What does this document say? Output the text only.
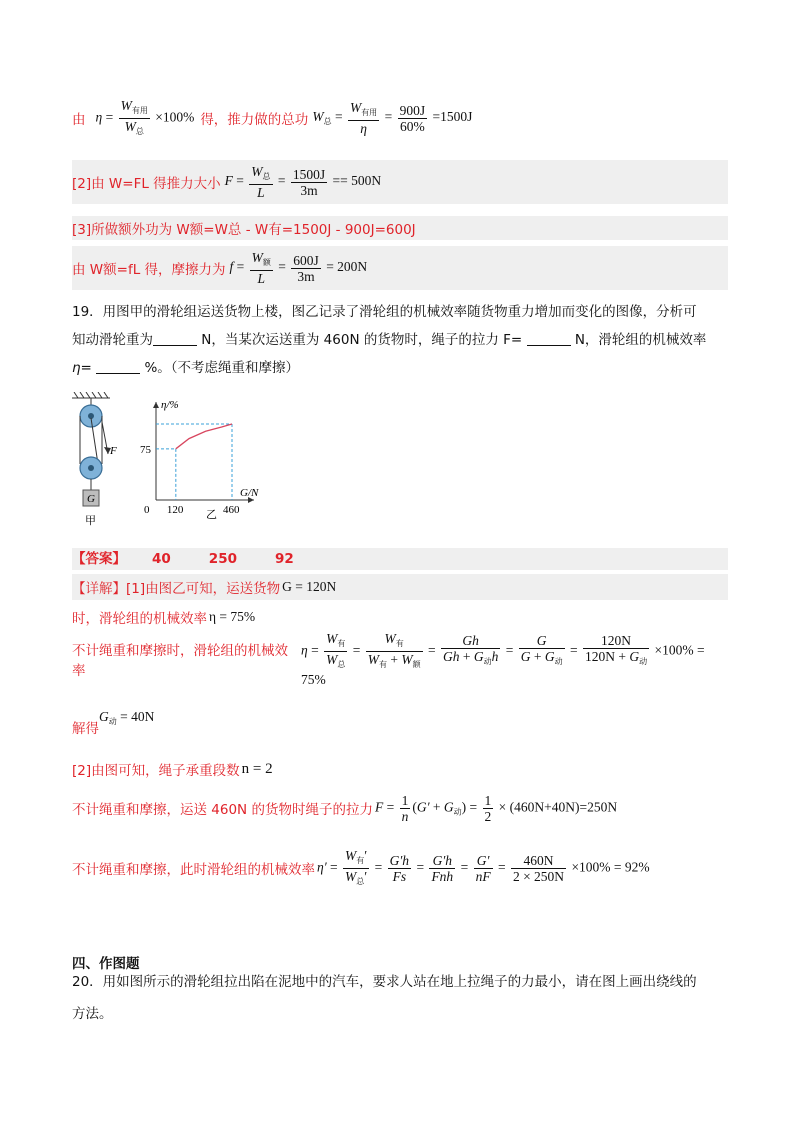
由 $\eta = \frac{W_{有用}}{W_总} \times 100\%$ 得，推力做的总功 $W_总 = \frac{W_{有用}}{\eta} = \frac{900J}{60\%} =1500J$
[2]由 W=FL 得推力大小 $F = \frac{W_总}{L} = \frac{1500J}{3m} == 500N$
[3]所做额外功为 W额=W总 - W有=1500J - 900J=600J
由 W额=fL 得，摩擦力为 $f = \frac{W_额}{L} = \frac{600J}{3m} = 200N$
19．用图甲的滑轮组运送货物上楼，图乙记录了滑轮组的机械效率随货物重力增加而变化的图像，分析可
知动滑轮重为	N，当某次运送重为 460N 的货物时，绳子的拉力 F=	N，滑轮组的机械效率
η=	%。（不考虑绳重和摩擦）
F
G
甲
η/%
G/N
0 120	460
75
乙
【答案】 40	250	92
【详解】[1]由图乙可知，运送货物 G = 120N
时，滑轮组的机械效率 η = 75%
不计绳重和摩擦时，滑轮组的机械效率
$\eta = \frac{W_有}{W_总} = \frac{W_有}{W_有 + W_额} = \frac{Gh}{Gh + G_动h} = \frac{G}{G + G_动} = \frac{120N}{120N + G_动} \times 100\% = 75\%$
解得
$G_动 = 40N$
[2]由图可知，绳子承重段数 n = 2
不计绳重和摩擦，运送 460N 的货物时绳子的拉力 $F = \frac{1}{n} (G' + G_动) = \frac{1}{2} \times (460N+40N)=250N$
不计绳重和摩擦，此时滑轮组的机械效率 $\eta' = \frac{W_有'}{W_总'} = \frac{G'h}{Fs} = \frac{G'h}{\text{Fnh}} = \frac{G'}{nF} = \frac{460N}{2 \times 250N} \times 100\% = 92\%$
四、作图题
20．用如图所示的滑轮组拉出陷在泥地中的汽车，要求人站在地上拉绳子的力最小，请在图上画出绕线的
方法。
